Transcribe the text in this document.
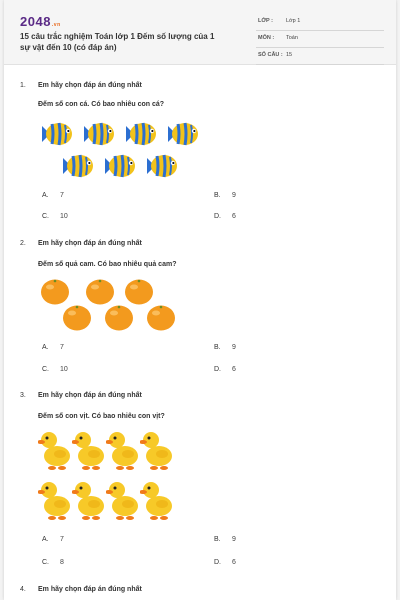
2048.vn
15 câu trắc nghiệm Toán lớp 1 Đếm số lượng của 1 sự vật đến 10 (có đáp án)
LỚP : Lớp 1
MÔN : Toán
SỐ CÂU : 15
1. Em hãy chọn đáp án đúng nhất
Đếm số con cá. Có bao nhiêu con cá?
A. 7	B. 9
C. 10	D. 6
2. Em hãy chọn đáp án đúng nhất
Đếm số quả cam. Có bao nhiêu quả cam?
A. 7	B. 9
C. 10	D. 6
3. Em hãy chọn đáp án đúng nhất
Đếm số con vịt. Có bao nhiêu con vịt?
A. 7	B. 9
C. 8	D. 6
4. Em hãy chọn đáp án đúng nhất
